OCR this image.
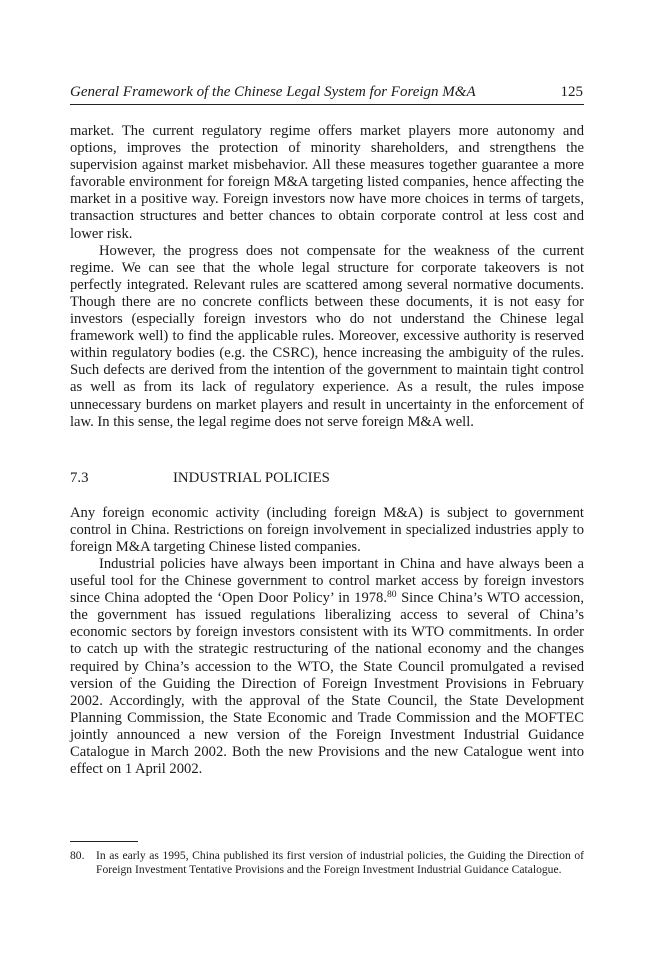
General Framework of the Chinese Legal System for Foreign M&A	125

market. The current regulatory regime offers market players more autonomy and options, improves the protection of minority shareholders, and strengthens the supervision against market misbehavior. All these measures together guarantee a more favorable environment for foreign M&A targeting listed companies, hence affecting the market in a positive way. Foreign investors now have more choices in terms of targets, transaction structures and better chances to obtain corporate control at less cost and lower risk.

However, the progress does not compensate for the weakness of the current regime. We can see that the whole legal structure for corporate takeovers is not perfectly integrated. Relevant rules are scattered among several normative documents. Though there are no concrete conflicts between these documents, it is not easy for investors (especially foreign investors who do not understand the Chinese legal framework well) to find the applicable rules. Moreover, excessive authority is reserved within regulatory bodies (e.g. the CSRC), hence increasing the ambiguity of the rules. Such defects are derived from the intention of the government to maintain tight control as well as from its lack of regulatory experience. As a result, the rules impose unnecessary burdens on market players and result in uncertainty in the enforcement of law. In this sense, the legal regime does not serve foreign M&A well.

7.3	INDUSTRIAL POLICIES

Any foreign economic activity (including foreign M&A) is subject to government control in China. Restrictions on foreign involvement in specialized industries apply to foreign M&A targeting Chinese listed companies.

Industrial policies have always been important in China and have always been a useful tool for the Chinese government to control market access by foreign investors since China adopted the ‘Open Door Policy’ in 1978.80 Since China’s WTO accession, the government has issued regulations liberalizing access to several of China’s economic sectors by foreign investors consistent with its WTO commitments. In order to catch up with the strategic restructuring of the national economy and the changes required by China’s accession to the WTO, the State Council promulgated a revised version of the Guiding the Direction of Foreign Investment Provisions in February 2002. Accordingly, with the approval of the State Council, the State Development Planning Commission, the State Economic and Trade Commission and the MOFTEC jointly announced a new version of the Foreign Investment Industrial Guidance Catalogue in March 2002. Both the new Provisions and the new Catalogue went into effect on 1 April 2002.

80. In as early as 1995, China published its first version of industrial policies, the Guiding the Direction of Foreign Investment Tentative Provisions and the Foreign Investment Industrial Guidance Catalogue.
